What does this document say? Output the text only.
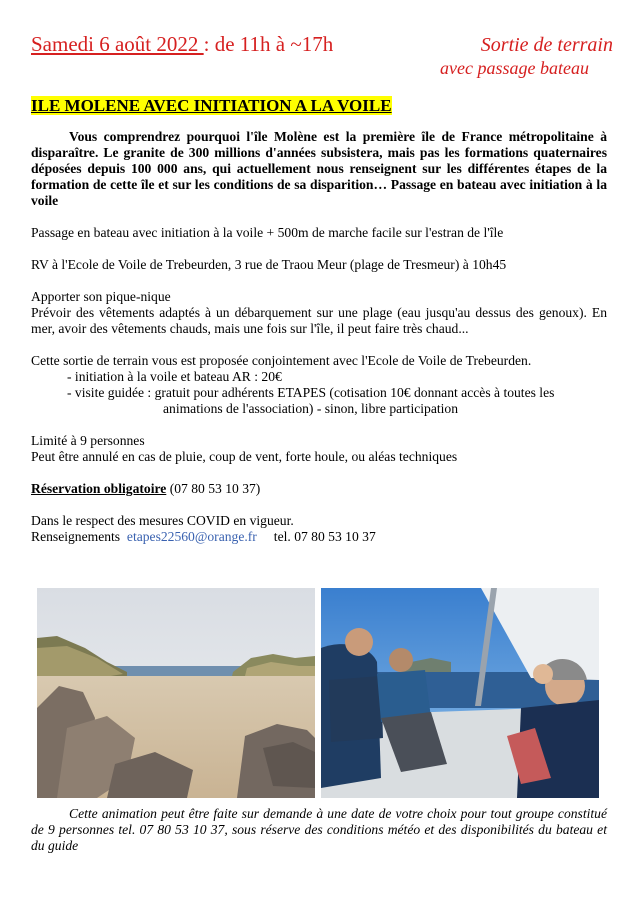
Samedi 6 août 2022 : de 11h à ~17h	Sortie de terrain
avec passage bateau
ILE MOLENE AVEC INITIATION A LA VOILE

Vous comprendrez pourquoi l'île Molène est la première île de France métropolitaine à disparaître. Le granite de 300 millions d'années subsistera, mais pas les formations quaternaires déposées depuis 100 000 ans, qui actuellement nous renseignent sur les différentes étapes de la formation de cette île et sur les conditions de sa disparition… Passage en bateau avec initiation à la voile

Passage en bateau avec initiation à la voile + 500m de marche facile sur l'estran de l'île

RV à l'Ecole de Voile de Trebeurden, 3 rue de Traou Meur (plage de Tresmeur) à 10h45

Apporter son pique-nique

Prévoir des vêtements adaptés à un débarquement sur une plage (eau jusqu'au dessus des genoux). En mer, avoir des vêtements chauds, mais une fois sur l'île, il peut faire très chaud...

Cette sortie de terrain vous est proposée conjointement avec l'Ecole de Voile de Trebeurden.

- initiation à la voile et bateau AR : 20€

- visite guidée : gratuit pour adhérents ETAPES (cotisation 10€ donnant accès à toutes les

animations de l'association) - sinon, libre participation

Limité à 9 personnes

Peut être annulé en cas de pluie, coup de vent, forte houle, ou aléas techniques

Réservation obligatoire (07 80 53 10 37)

Dans le respect des mesures COVID en vigueur.

Renseignements  etapes22560@orange.fr     tel. 07 80 53 10 37

Cette animation peut être faite sur demande à une date de votre choix pour tout groupe constitué de 9 personnes tel. 07 80 53 10 37, sous réserve des conditions météo et des disponibilités du bateau et du guide
